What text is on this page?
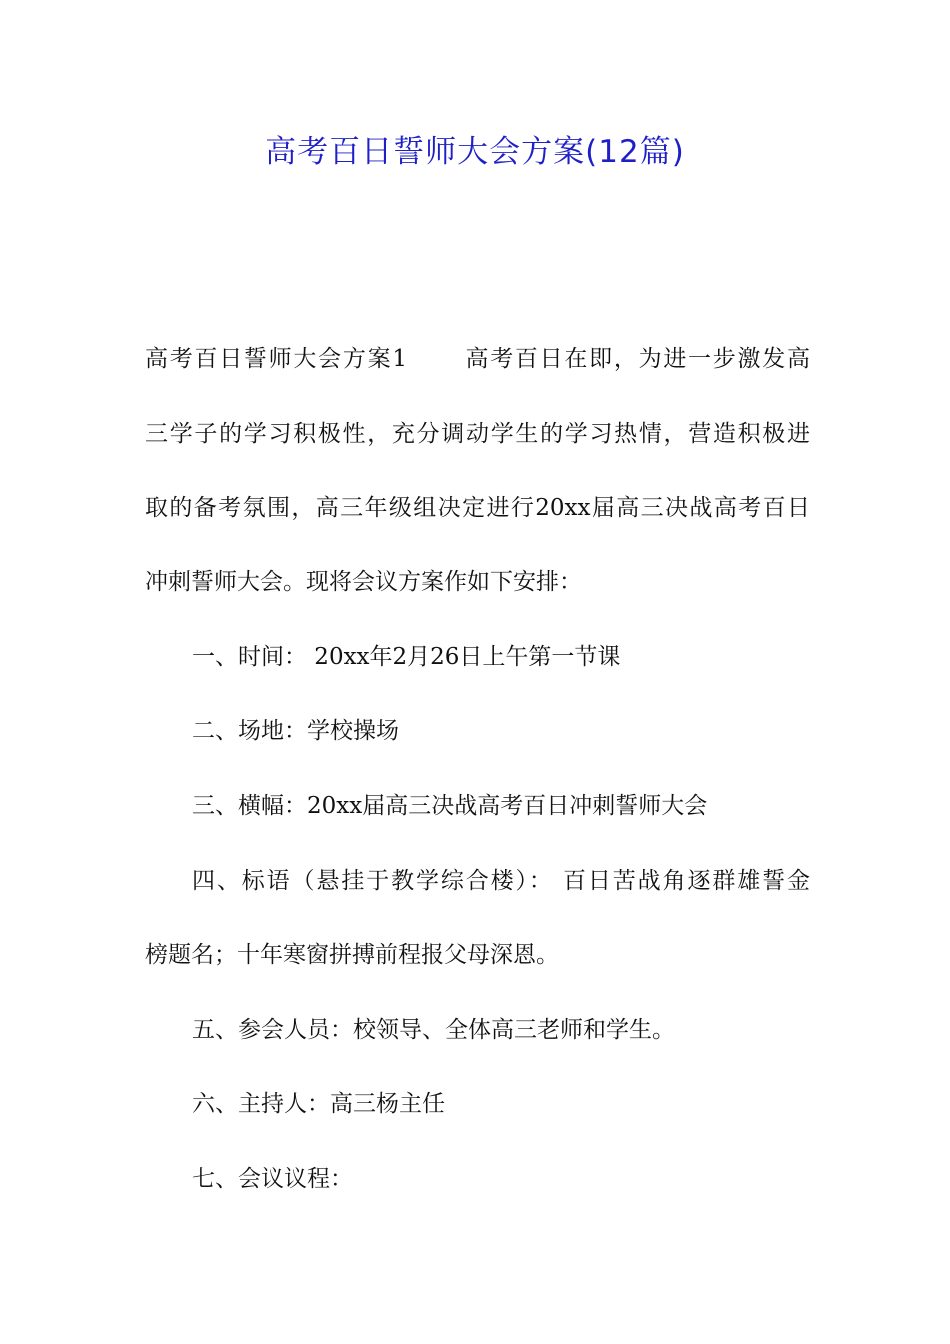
高考百日誓师大会方案(12篇)
高考百日誓师大会方案1 　　高考百日在即，为进一步激发高
三学子的学习积极性，充分调动学生的学习热情，营造积极进
取的备考氛围，高三年级组决定进行20xx届高三决战高考百日
冲刺誓师大会。现将会议方案作如下安排：
一、时间： 20xx年2月26日上午第一节课
二、场地：学校操场
三、横幅：20xx届高三决战高考百日冲刺誓师大会
四、标语（悬挂于教学综合楼）： 百日苦战角逐群雄誓金
榜题名；十年寒窗拼搏前程报父母深恩。
五、参会人员：校领导、全体高三老师和学生。
六、主持人：高三杨主任
七、会议议程：
